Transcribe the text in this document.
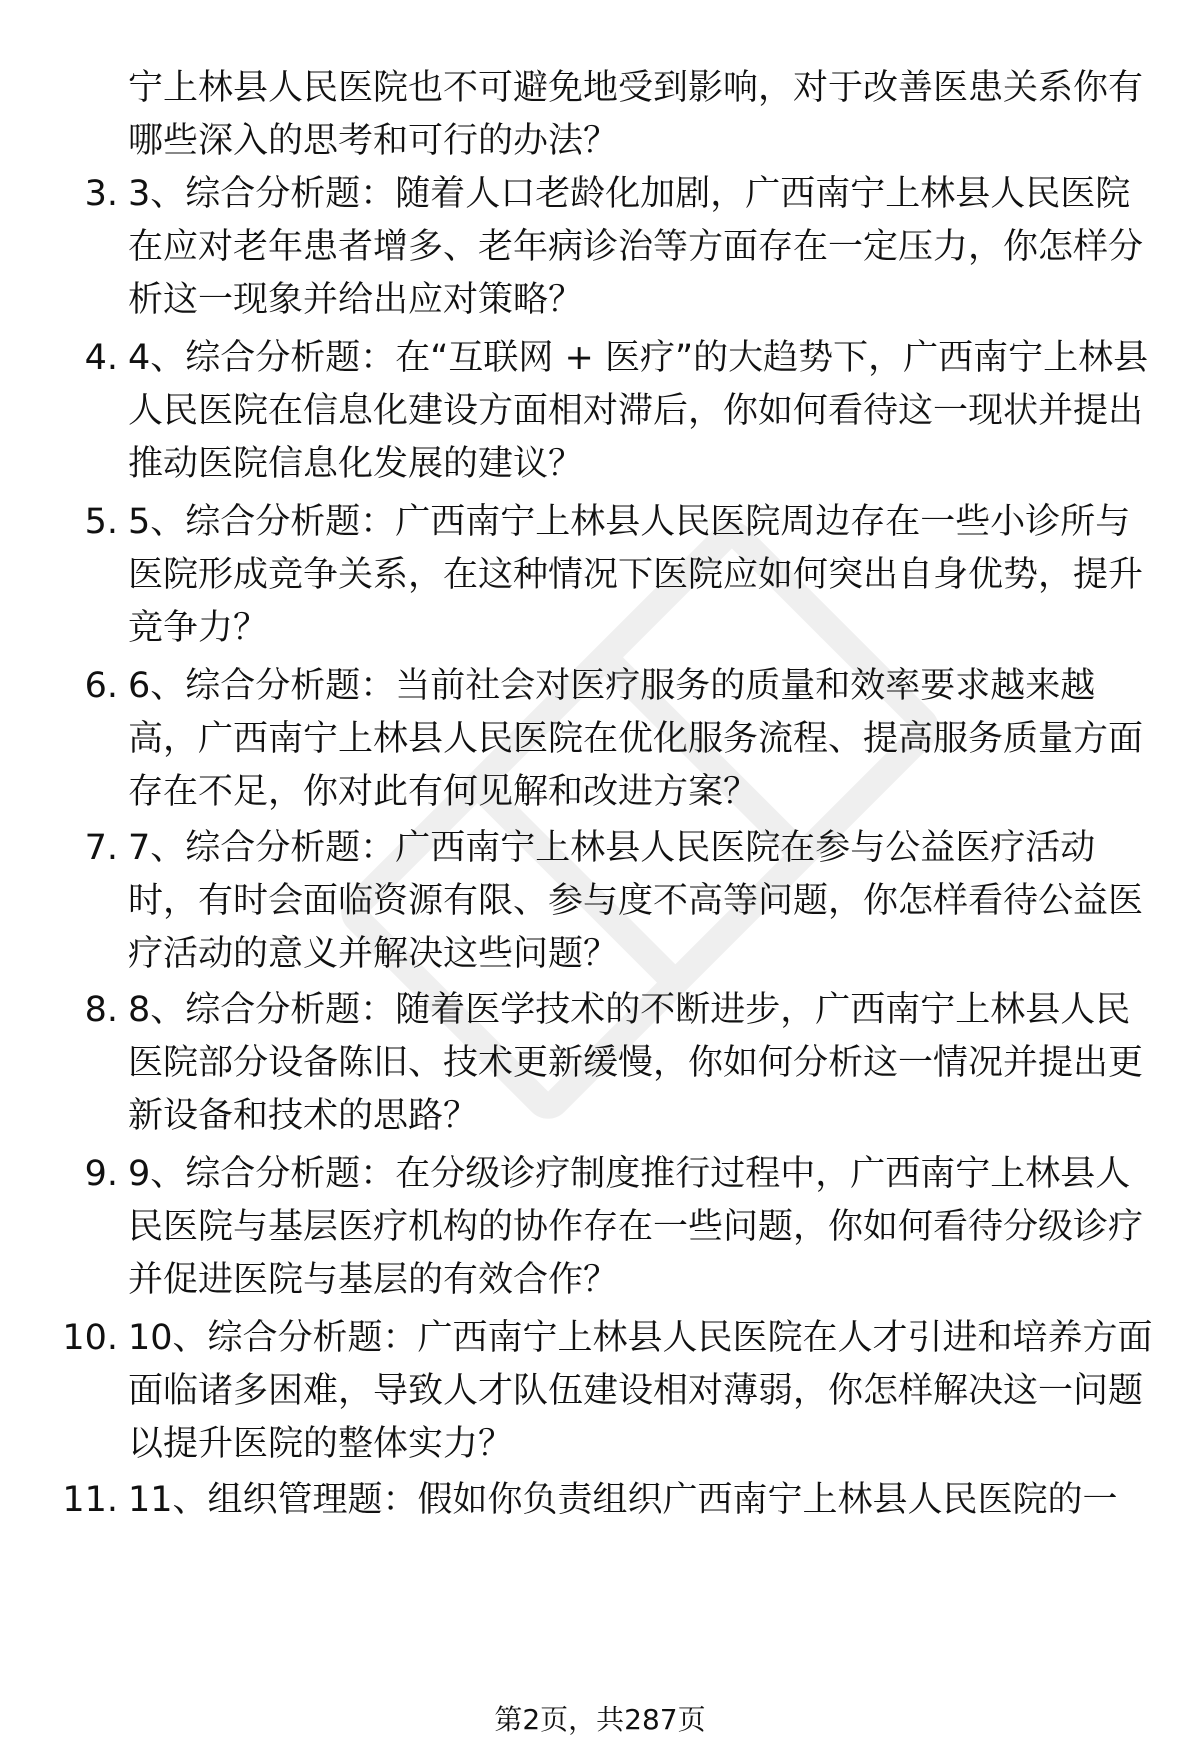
宁上林县人民医院也不可避免地受到影响，对于改善医患关系你有哪些深入的思考和可行的办法？

3. 3、综合分析题：随着人口老龄化加剧，广西南宁上林县人民医院在应对老年患者增多、老年病诊治等方面存在一定压力，你怎样分析这一现象并给出应对策略？

4. 4、综合分析题：在“互联网 + 医疗”的大趋势下，广西南宁上林县人民医院在信息化建设方面相对滞后，你如何看待这一现状并提出推动医院信息化发展的建议？

5. 5、综合分析题：广西南宁上林县人民医院周边存在一些小诊所与医院形成竞争关系，在这种情况下医院应如何突出自身优势，提升竞争力？

6. 6、综合分析题：当前社会对医疗服务的质量和效率要求越来越高，广西南宁上林县人民医院在优化服务流程、提高服务质量方面存在不足，你对此有何见解和改进方案？

7. 7、综合分析题：广西南宁上林县人民医院在参与公益医疗活动时，有时会面临资源有限、参与度不高等问题，你怎样看待公益医疗活动的意义并解决这些问题？

8. 8、综合分析题：随着医学技术的不断进步，广西南宁上林县人民医院部分设备陈旧、技术更新缓慢，你如何分析这一情况并提出更新设备和技术的思路？

9. 9、综合分析题：在分级诊疗制度推行过程中，广西南宁上林县人民医院与基层医疗机构的协作存在一些问题，你如何看待分级诊疗并促进医院与基层的有效合作？

10. 10、综合分析题：广西南宁上林县人民医院在人才引进和培养方面面临诸多困难，导致人才队伍建设相对薄弱，你怎样解决这一问题以提升医院的整体实力？

11. 11、组织管理题：假如你负责组织广西南宁上林县人民医院的一

第2页，共287页
